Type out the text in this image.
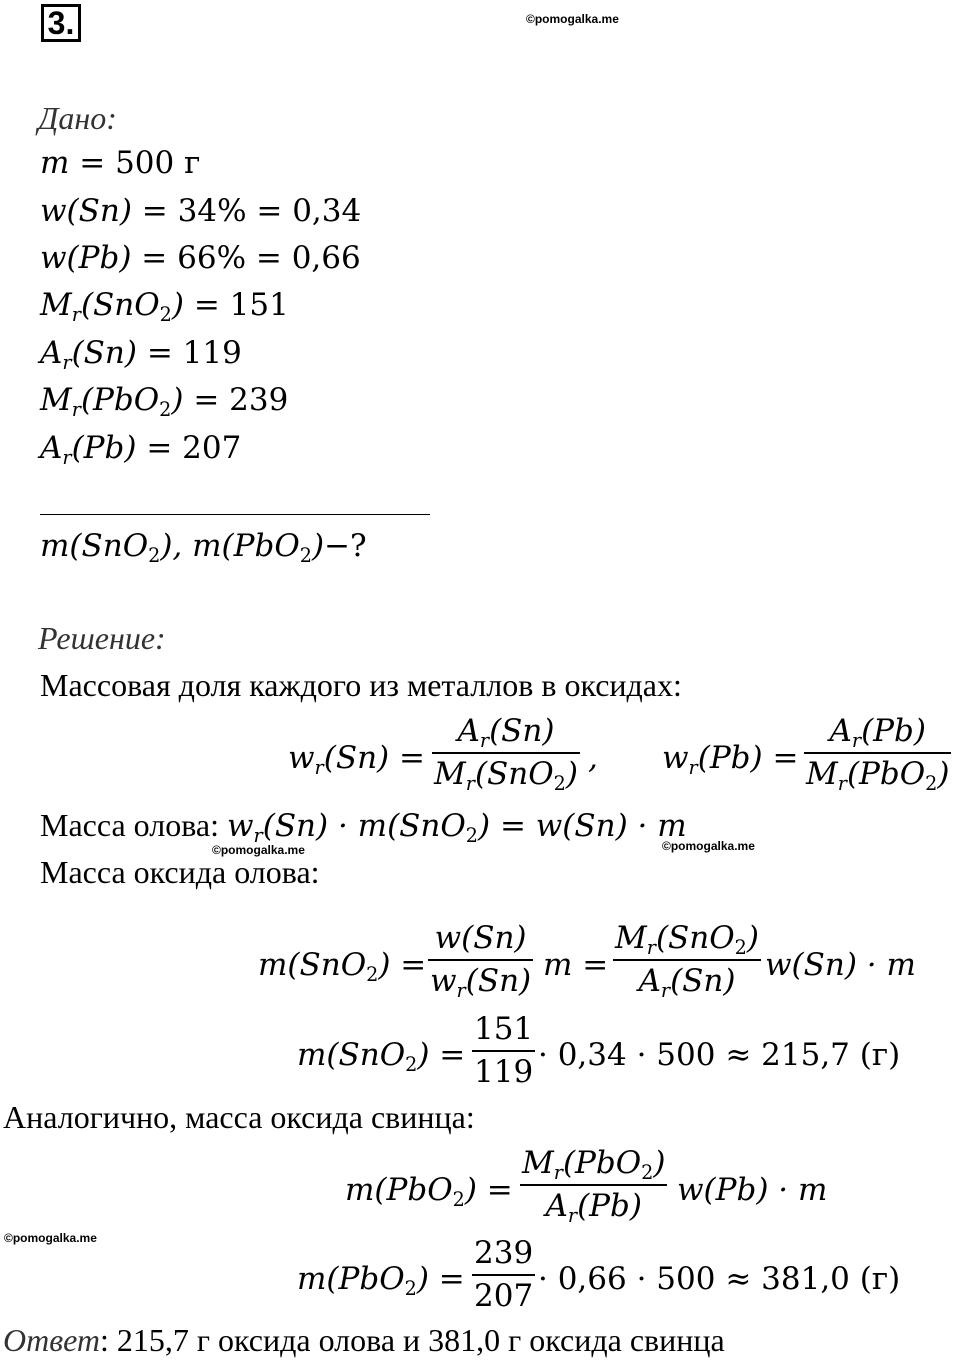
3.	©pomogalka.me
Дано:
m = 500 г
w(Sn) = 34% = 0,34
w(Pb) = 66% = 0,66
$M_r(SnO_2) = 151$
$A_r(Sn) = 119$
$M_r(PbO_2) = 239$
$A_r(Pb) = 207$
m(SnO$_2$), m(PbO$_2$)−?
Решение:
Массовая доля каждого из металлов в оксидах:
$w_r(Sn)$ =
$A_r(Sn)$
$M_r(SnO_2)$ , $w_r(Pb)$ =
$A_r(Pb)$
$M_r(PbO_2)$
Масса олова: $w_r(Sn) \cdot m(SnO_2) = w(Sn) \cdot m$
©pomogalka.me	©pomogalka.me
Масса оксида олова:
m(SnO$_2$) =
w(Sn)
$w_r(Sn) m$ =
$M_r(SnO_2)$
$A_r(Sn) w(Sn) \cdot m$
m(SnO$_2$) =
151
119 · 0,34 · 500 ≈ 215,7 (г)
Аналогично, масса оксида свинца:
m(PbO$_2$) =
$M_r(PbO_2)$
$A_r(Pb) w(Pb) \cdot m$
©pomogalka.me
m(PbO$_2$) =
239
207 · 0,66 · 500 ≈ 381,0 (г)
Ответ: 215,7 г оксида олова и 381,0 г оксида свинца
